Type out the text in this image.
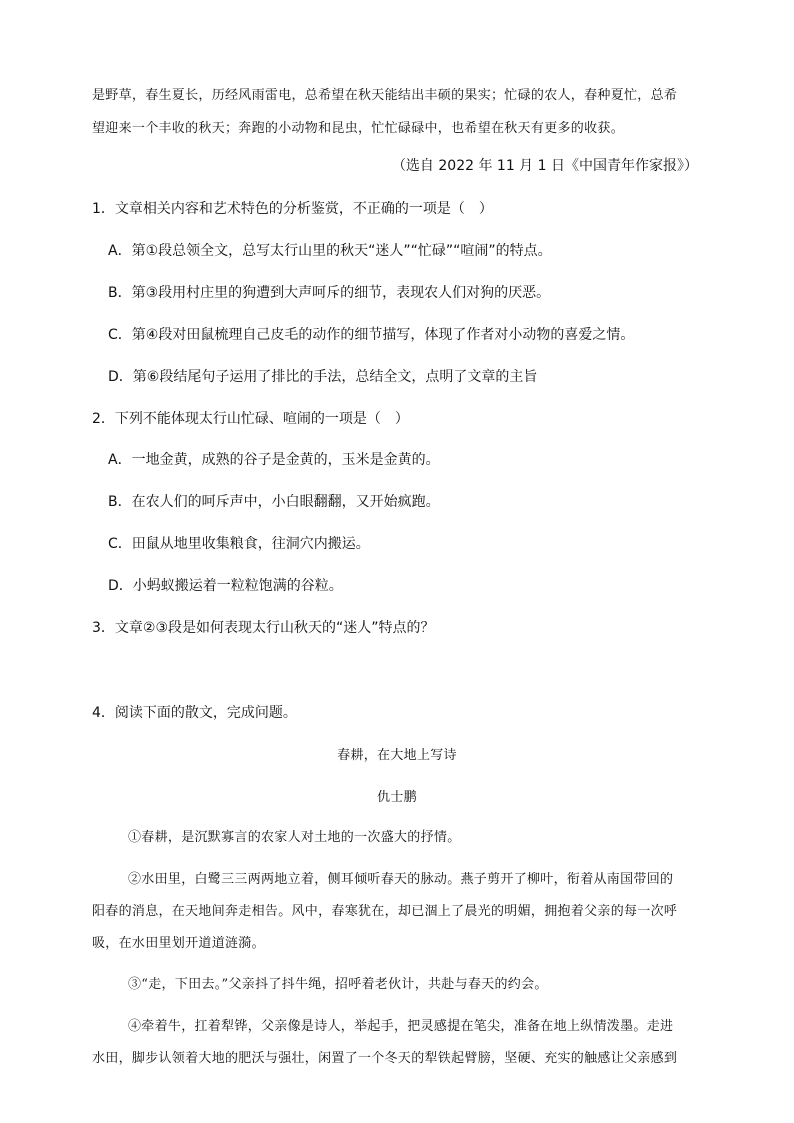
是野草，春生夏长，历经风雨雷电，总希望在秋天能结出丰硕的果实；忙碌的农人，春种夏忙，总希
望迎来一个丰收的秋天；奔跑的小动物和昆虫，忙忙碌碌中，也希望在秋天有更多的收获。
（选自 2022 年 11 月 1 日《中国青年作家报》）
1．文章相关内容和艺术特色的分析鉴赏，不正确的一项是（　）
A．第①段总领全文，总写太行山里的秋天“迷人”“忙碌”“喧闹”的特点。
B．第③段用村庄里的狗遭到大声呵斥的细节，表现农人们对狗的厌恶。
C．第④段对田鼠梳理自己皮毛的动作的细节描写，体现了作者对小动物的喜爱之情。
D．第⑥段结尾句子运用了排比的手法，总结全文，点明了文章的主旨
2．下列不能体现太行山忙碌、喧闹的一项是（　）
A．一地金黄，成熟的谷子是金黄的，玉米是金黄的。
B．在农人们的呵斥声中，小白眼翻翻，又开始疯跑。
C．田鼠从地里收集粮食，往洞穴内搬运。
D．小蚂蚁搬运着一粒粒饱满的谷粒。
3．文章②③段是如何表现太行山秋天的“迷人”特点的？
4．阅读下面的散文，完成问题。
春耕，在大地上写诗
仇士鹏
①春耕，是沉默寡言的农家人对土地的一次盛大的抒情。
②水田里，白鹭三三两两地立着，侧耳倾听春天的脉动。燕子剪开了柳叶，衔着从南国带回的
阳春的消息，在天地间奔走相告。风中，春寒犹在，却已涸上了晨光的明媚，拥抱着父亲的每一次呼
吸，在水田里划开道道涟漪。
③“走，下田去。”父亲抖了抖牛绳，招呼着老伙计，共赴与春天的约会。
④牵着牛，扛着犁铧，父亲像是诗人，举起手，把灵感提在笔尖，准备在地上纵情泼墨。走进
水田，脚步认领着大地的肥沃与强壮，闲置了一个冬天的犁铁起臂膀，坚硬、充实的触感让父亲感到
